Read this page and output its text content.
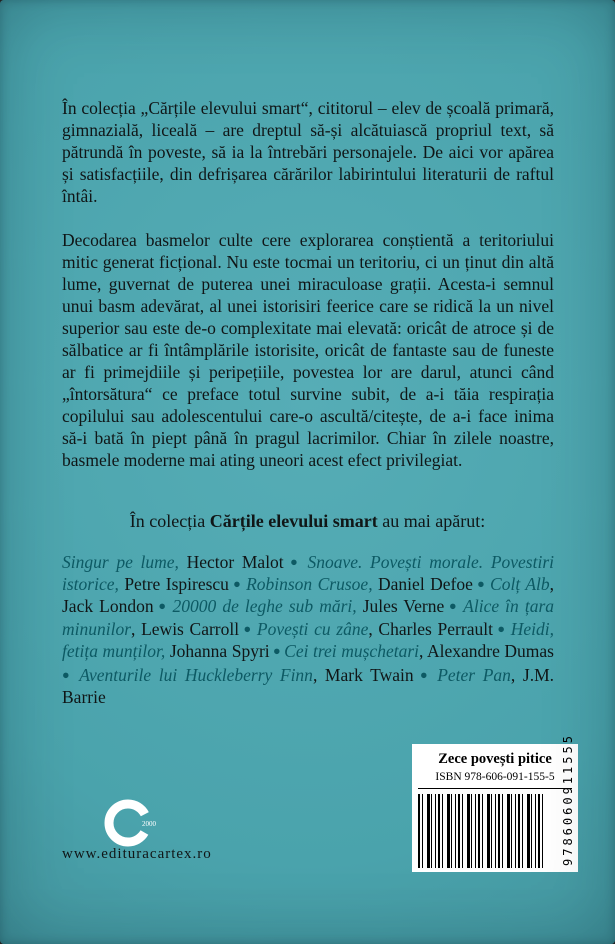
În colecția „Cărțile elevului smart“, cititorul – elev de școală primară, gimnazială, liceală – are dreptul să-și alcătuiască propriul text, să pătrundă în poveste, să ia la întrebări personajele. De aici vor apărea și satisfacțiile, din defrișarea cărărilor labirintului literaturii de raftul întâi.

Decodarea basmelor culte cere explorarea conștientă a teritoriului mitic generat ficțional. Nu este tocmai un teritoriu, ci un ținut din altă lume, guvernat de puterea unei miraculoase grații. Acesta-i semnul unui basm adevărat, al unei istorisiri feerice care se ridică la un nivel superior sau este de-o complexitate mai elevată: oricât de atroce și de sălbatice ar fi întâmplările istorisite, oricât de fantaste sau de funeste ar fi primejdiile și peripețiile, povestea lor are darul, atunci când „întorsătura“ ce preface totul survine subit, de a-i tăia respirația copilului sau adolescentului care-o ascultă/citește, de a-i face inima să-i bată în piept până în pragul lacrimilor. Chiar în zilele noastre, basmele moderne mai ating uneori acest efect privilegiat.

În colecția Cărțile elevului smart au mai apărut:

Singur pe lume, Hector Malot ● Snoave. Povești morale. Povestiri istorice, Petre Ispirescu ● Robinson Crusoe, Daniel Defoe ● Colț Alb, Jack London ● 20000 de leghe sub mări, Jules Verne ● Alice în țara minunilor, Lewis Carroll ● Povești cu zâne, Charles Perrault ● Heidi, fetița munților, Johanna Spyri ● Cei trei mușchetari, Alexandre Dumas ● Aventurile lui Huckleberry Finn, Mark Twain ● Peter Pan, J.M. Barrie

2000
www.edituracartex.ro
Zece povești pitice
ISBN 978-606-091-155-5 9786060911555
